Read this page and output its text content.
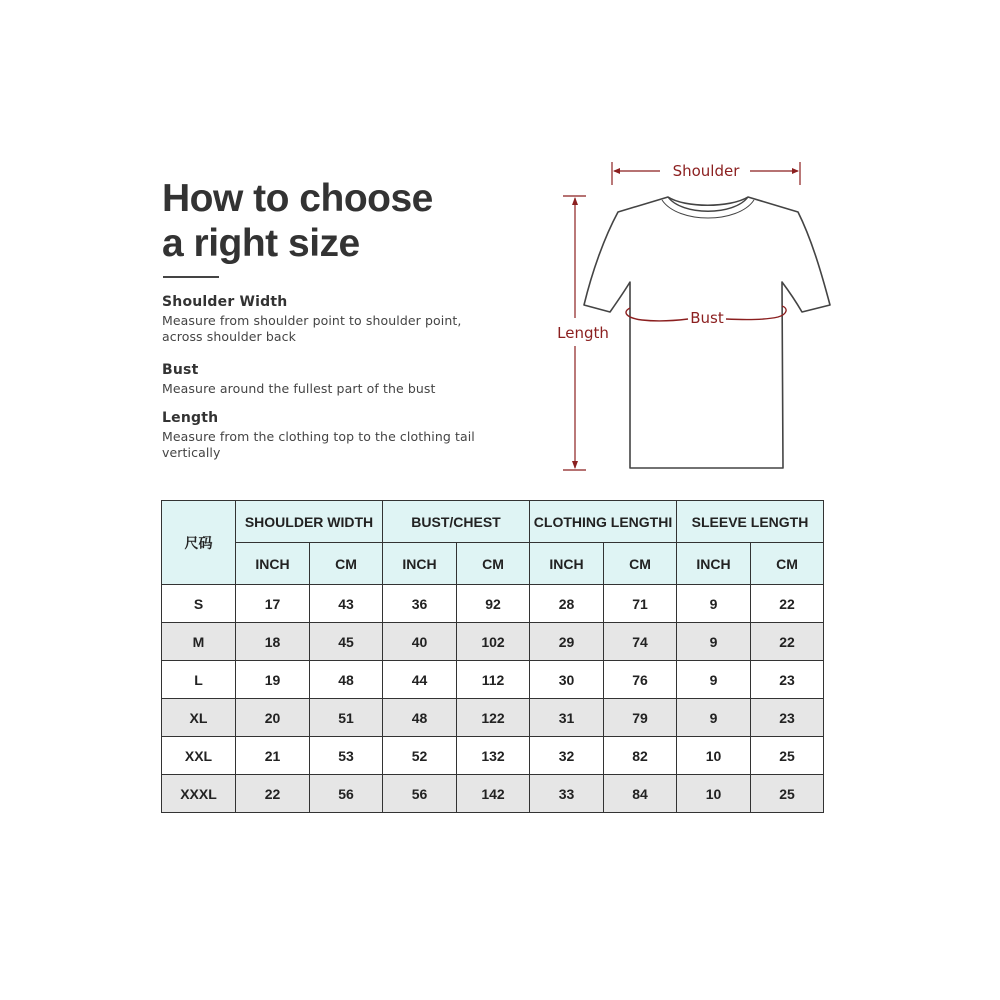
How to choose
a right size
Shoulder Width
Measure from shoulder point to shoulder point, across shoulder back
Bust
Measure around the fullest part of the bust
Length
Measure from the clothing top to the clothing tail vertically
Shoulder
Length
Bust
尺码	SHOULDER WIDTH		BUST/CHEST		CLOTHING LENGTHI		SLEEVE LENGTH	
	INCH	CM	INCH	CM	INCH	CM	INCH	CM
S	17	43	36	92	28	71	9	22
M	18	45	40	102	29	74	9	22
L	19	48	44	112	30	76	9	23
XL	20	51	48	122	31	79	9	23
XXL	21	53	52	132	32	82	10	25
XXXL	22	56	56	142	33	84	10	25
